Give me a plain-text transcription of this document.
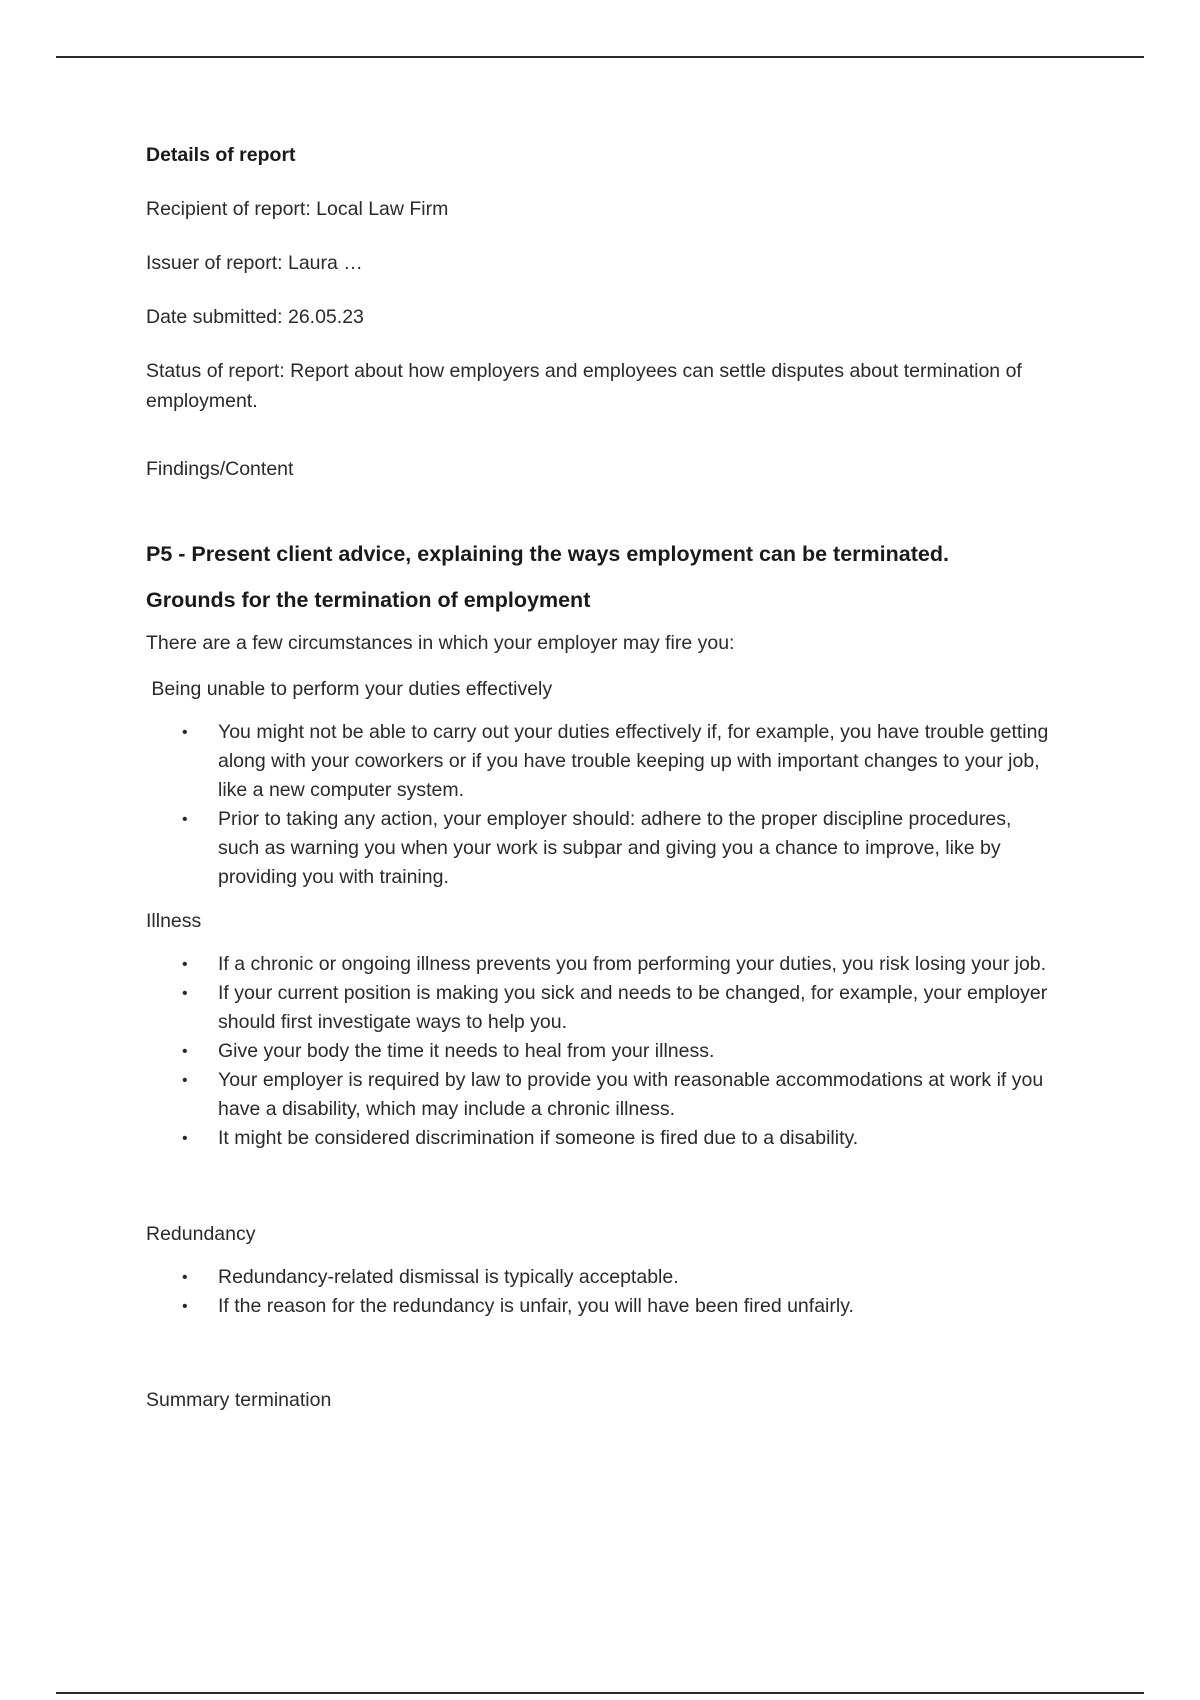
Details of report

Recipient of report: Local Law Firm

Issuer of report: Laura …

Date submitted: 26.05.23

Status of report: Report about how employers and employees can settle disputes about termination of employment.

Findings/Content

P5 - Present client advice, explaining the ways employment can be terminated.

Grounds for the termination of employment

There are a few circumstances in which your employer may fire you:

Being unable to perform your duties effectively

• You might not be able to carry out your duties effectively if, for example, you have trouble getting along with your coworkers or if you have trouble keeping up with important changes to your job, like a new computer system.
• Prior to taking any action, your employer should: adhere to the proper discipline procedures, such as warning you when your work is subpar and giving you a chance to improve, like by providing you with training.

Illness

• If a chronic or ongoing illness prevents you from performing your duties, you risk losing your job.
• If your current position is making you sick and needs to be changed, for example, your employer should first investigate ways to help you.
• Give your body the time it needs to heal from your illness.
• Your employer is required by law to provide you with reasonable accommodations at work if you have a disability, which may include a chronic illness.
• It might be considered discrimination if someone is fired due to a disability.

Redundancy

• Redundancy-related dismissal is typically acceptable.
• If the reason for the redundancy is unfair, you will have been fired unfairly.

Summary termination
